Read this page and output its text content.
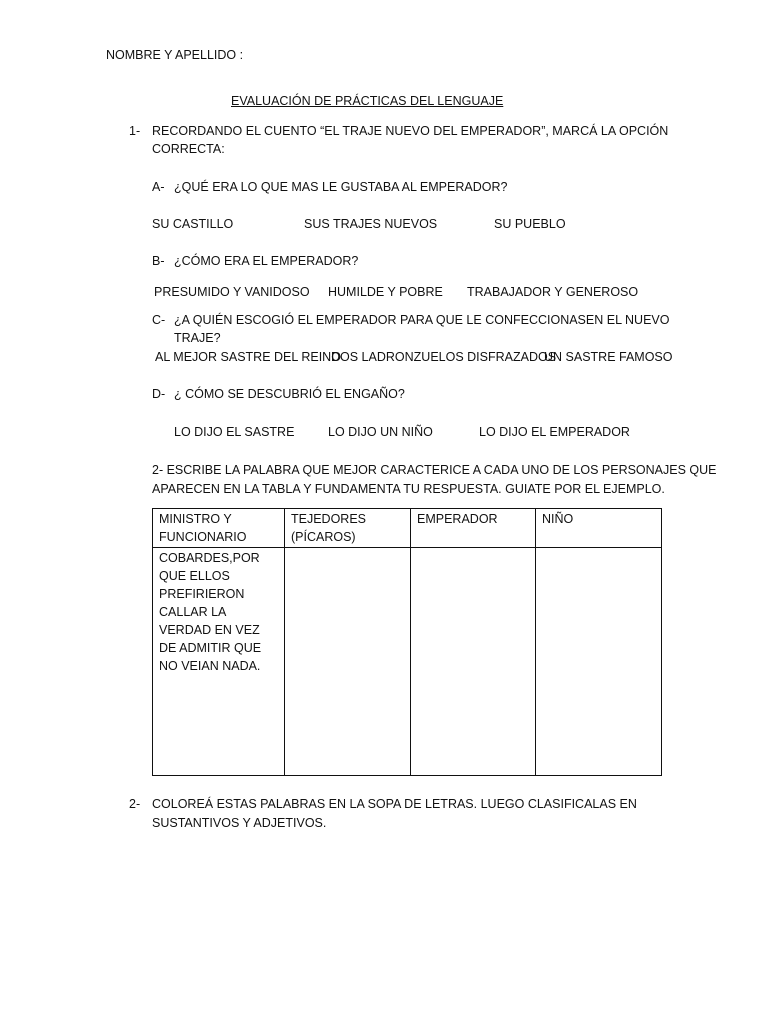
NOMBRE Y APELLIDO :
EVALUACIÓN DE PRÁCTICAS DEL LENGUAJE
1- RECORDANDO EL CUENTO “EL TRAJE NUEVO DEL EMPERADOR”, MARCÁ LA OPCIÓN
CORRECTA:
A- ¿QUÉ ERA LO QUE MAS LE GUSTABA AL EMPERADOR?
SU CASTILLO	SUS TRAJES NUEVOS	SU PUEBLO
B- ¿CÓMO ERA EL EMPERADOR?
PRESUMIDO Y VANIDOSO HUMILDE Y POBRE TRABAJADOR Y GENEROSO
C- ¿A QUIÉN ESCOGIÓ EL EMPERADOR PARA QUE LE CONFECCIONASEN EL NUEVO
TRAJE?
AL MEJOR SASTRE DEL REINO
DOS LADRONZUELOS DISFRAZADOS
UN SASTRE FAMOSO
D- ¿ CÓMO SE DESCUBRIÓ EL ENGAÑO?
LO DIJO EL SASTRE	LO DIJO UN NIÑO	LO DIJO EL EMPERADOR
2- ESCRIBE LA PALABRA QUE MEJOR CARACTERICE A CADA UNO DE LOS PERSONAJES QUE
APARECEN EN LA TABLA Y FUNDAMENTA TU RESPUESTA. GUIATE POR EL EJEMPLO.
MINISTRO Y FUNCIONARIO	TEJEDORES (PÍCAROS)	EMPERADOR	NIÑO
COBARDES,POR QUE ELLOS PREFIRIERON CALLAR LA VERDAD EN VEZ DE ADMITIR QUE NO VEIAN NADA.			
2- COLOREÁ ESTAS PALABRAS EN LA SOPA DE LETRAS. LUEGO CLASIFICALAS EN
SUSTANTIVOS Y ADJETIVOS.
